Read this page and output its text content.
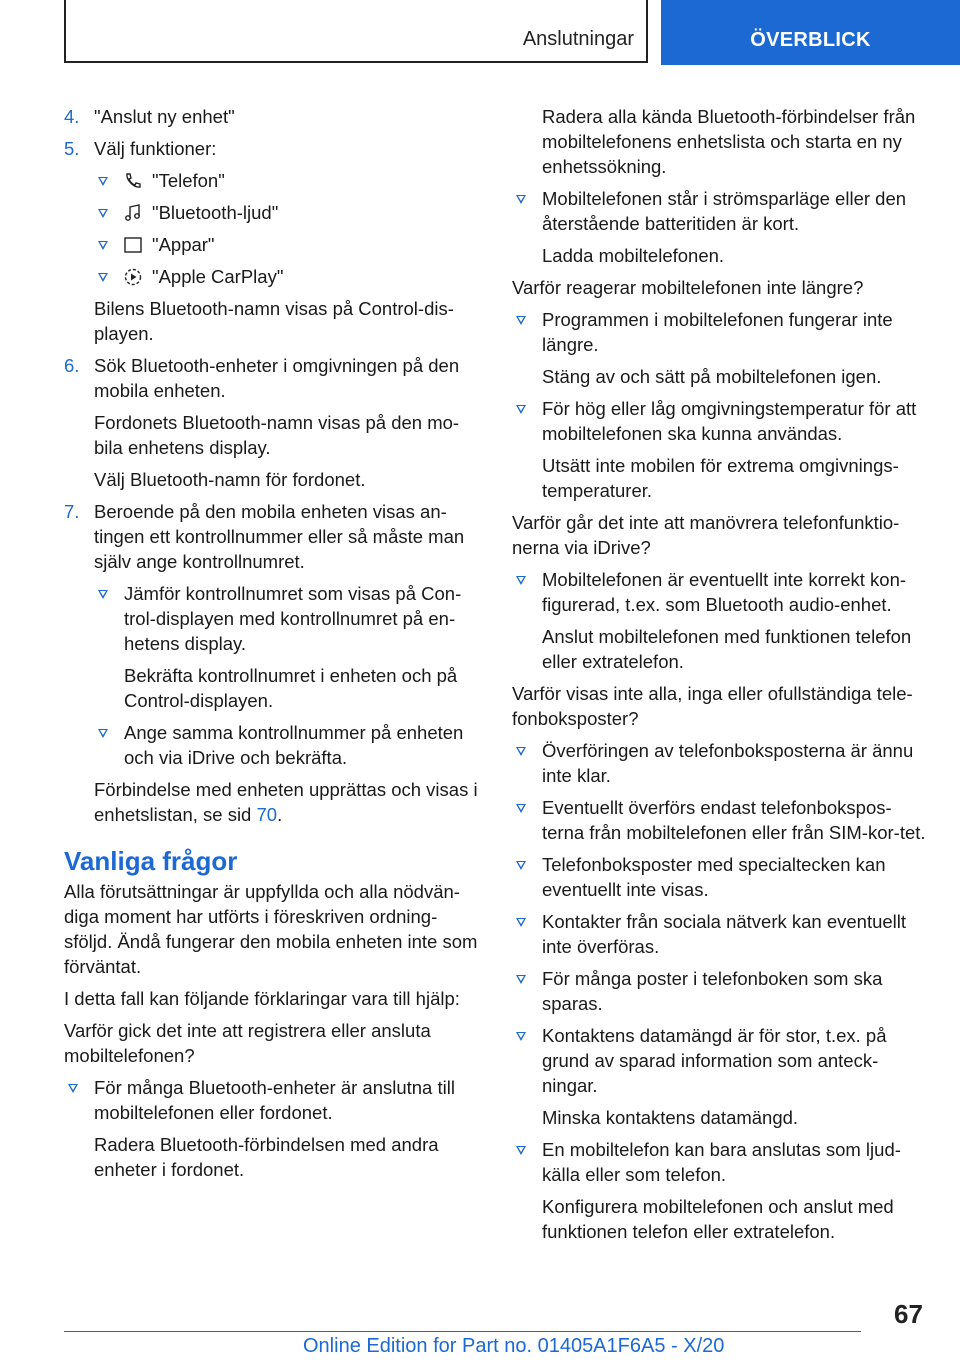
Anslutningar	ÖVERBLICK
4. "Anslut ny enhet"

5. Välj funktioner:

"Telefon"
"Bluetooth-ljud"
"Appar"
"Apple CarPlay"

Bilens Bluetooth-namn visas på Control-dis-playen.

6. Sök Bluetooth-enheter i omgivningen på den mobila enheten.

Fordonets Bluetooth-namn visas på den mo-bila enhetens display.

Välj Bluetooth-namn för fordonet.

7. Beroende på den mobila enheten visas an-tingen ett kontrollnummer eller så måste man själv ange kontrollnumret.

Jämför kontrollnumret som visas på Con-trol-displayen med kontrollnumret på en-hetens display.

Bekräfta kontrollnumret i enheten och på Control-displayen.

Ange samma kontrollnummer på enheten och via iDrive och bekräfta.

Förbindelse med enheten upprättas och visas i enhetslistan, se sid 70.

Vanliga frågor

Alla förutsättningar är uppfyllda och alla nödvän-diga moment har utförts i föreskriven ordning-sföljd. Ändå fungerar den mobila enheten inte som förväntat.

I detta fall kan följande förklaringar vara till hjälp:

Varför gick det inte att registrera eller ansluta mobiltelefonen?

För många Bluetooth-enheter är anslutna till mobiltelefonen eller fordonet.

Radera Bluetooth-förbindelsen med andra enheter i fordonet.

Radera alla kända Bluetooth-förbindelser från mobiltelefonens enhetslista och starta en ny enhetssökning.

Mobiltelefonen står i strömsparläge eller den återstående batteritiden är kort.

Ladda mobiltelefonen.

Varför reagerar mobiltelefonen inte längre?

Programmen i mobiltelefonen fungerar inte längre.

Stäng av och sätt på mobiltelefonen igen.

För hög eller låg omgivningstemperatur för att mobiltelefonen ska kunna användas.

Utsätt inte mobilen för extrema omgivnings-temperaturer.

Varför går det inte att manövrera telefonfunktio-nerna via iDrive?

Mobiltelefonen är eventuellt inte korrekt kon-figurerad, t.ex. som Bluetooth audio-enhet.

Anslut mobiltelefonen med funktionen telefon eller extratelefon.

Varför visas inte alla, inga eller ofullständiga tele-fonboksposter?

Överföringen av telefonboksposterna är ännu inte klar.

Eventuellt överförs endast telefonbokspos-terna från mobiltelefonen eller från SIM-kor-tet.

Telefonboksposter med specialtecken kan eventuellt inte visas.

Kontakter från sociala nätverk kan eventuellt inte överföras.

För många poster i telefonboken som ska sparas.

Kontaktens datamängd är för stor, t.ex. på grund av sparad information som anteck-ningar.

Minska kontaktens datamängd.

En mobiltelefon kan bara anslutas som ljud-källa eller som telefon.

Konfigurera mobiltelefonen och anslut med funktionen telefon eller extratelefon.

67
Online Edition for Part no. 01405A1F6A5 - X/20
